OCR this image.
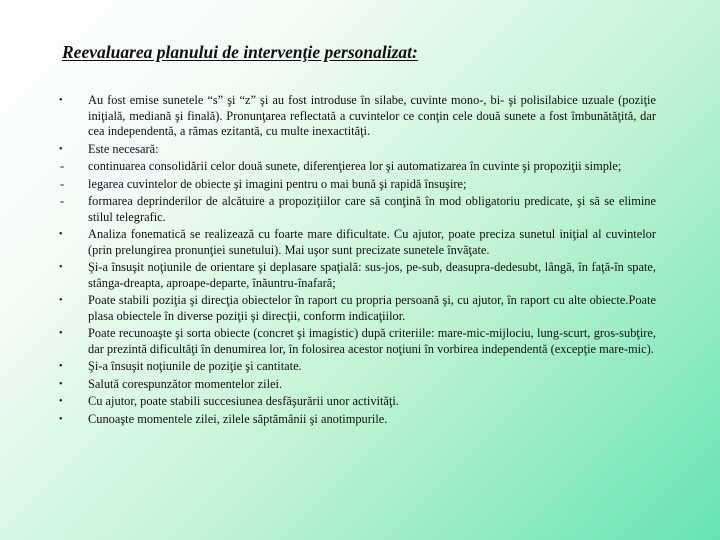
Reevaluarea planului de intervenţie personalizat:
•	Au fost emise sunetele “s” şi “z” şi au fost introduse în silabe, cuvinte mono-, bi- şi polisilabice uzuale (poziţie iniţială, mediană şi finală). Pronunţarea reflectată a cuvintelor ce conţin cele două sunete a fost îmbunătăţită, dar cea independentă, a rămas ezitantă, cu multe inexactităţi.
•	Este necesară:
-	continuarea consolidării celor două sunete, diferenţierea lor şi automatizarea în cuvinte şi propoziţii simple;
-	legarea cuvintelor de obiecte şi imagini pentru o mai bună şi rapidă însuşire;
-	formarea deprinderilor de alcătuire a propoziţiilor care să conţină în mod obligatoriu predicate, şi să se elimine stilul telegrafic.
•	Analiza fonematică se realizează cu foarte mare dificultate. Cu ajutor, poate preciza sunetul iniţial al cuvintelor (prin prelungirea pronunţiei sunetului). Mai uşor sunt precizate sunetele învăţate.
•	Şi-a însuşit noţiunile de orientare şi deplasare spaţială: sus-jos, pe-sub, deasupra-dedesubt, lângă, în faţă-în spate, stânga-dreapta, aproape-departe, înăuntru-înafară;
•	Poate stabili poziţia şi direcţia obiectelor în raport cu propria persoană şi, cu ajutor, în raport cu alte obiecte.Poate plasa obiectele în diverse poziţii şi direcţii, conform indicaţiilor.
•	Poate recunoaşte şi sorta obiecte (concret şi imagistic) după criteriile: mare-mic-mijlociu, lung-scurt, gros-subţire, dar prezintă dificultăţi în denumirea lor, în folosirea acestor noţiuni în vorbirea independentă (excepţie mare-mic).
•	Şi-a însuşit noţiunile de poziţie şi cantitate.
•	Salută corespunzător momentelor zilei.
•	Cu ajutor, poate stabili succesiunea desfăşurării unor activităţi.
•	Cunoaşte momentele zilei, zilele săptămânii şi anotimpurile.
